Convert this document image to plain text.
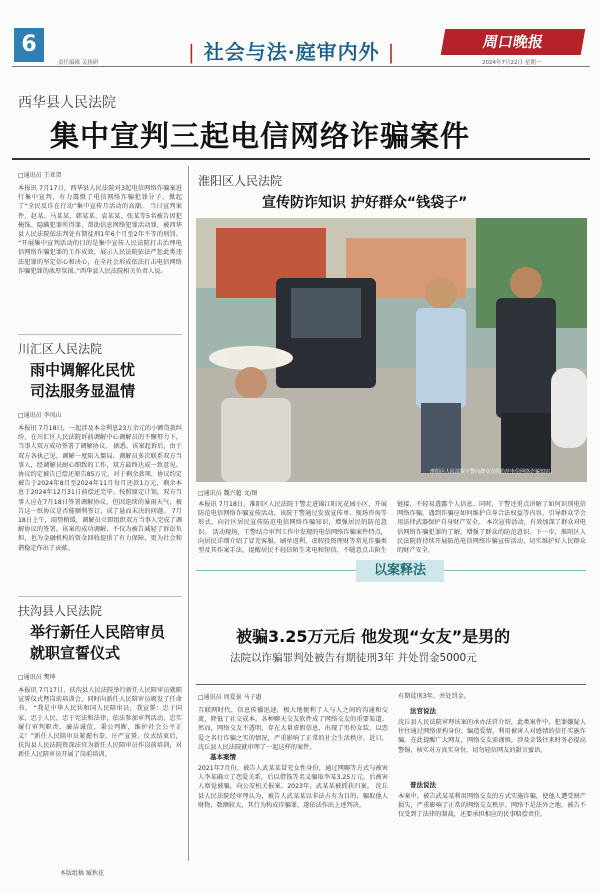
6
责任编辑 关执研	| 社会与法·庭审内外 |	周口晚报
2024年7月22日 星期一
西华县人民法院
集中宣判三起电信网络诈骗案件
□通讯员 王亚贺
本报讯 7月17日，西华县人民法院对3起电信网络诈骗案进行集中宣判，有力震慑了电信网络诈骗犯罪分子，掀起了“全民反诈在行动”集中宣传月活动的高潮。 当日宣判案件，赵某、马某某、韩某某、袁某某、张某等5名被告因犯掩饰、隐瞒犯罪所得罪、帮助信息网络犯罪活动罪，被西华县人民法院依法判处有期徒刑1年6个月至2年不等的刑罚。 “开展集中宣判活动的目的是集中宣传人民法院打击治理电信网络诈骗犯罪的工作成效，展示人民法院依法严惩此类违法犯罪的坚定信心和决心，在全社会形成依法打击电信网络诈骗犯罪的浓厚氛围。”西华县人民法院相关负责人说。
川汇区人民法院
雨中调解化民忧
司法服务显温情
□通讯员 李凤山
本报讯 7月18日，一起涉及本金利息23万余元的小额贷款纠纷，在川汇区人民法院诉前调解中心调解员的不懈努力下，当事人双方成功签署了调解协议。 据悉，该案起诉后，由于双方各执己见，调解一度陷入僵局。调解员多次联系双方当事人，经调解员耐心细致的工作，双方最终达成一致意见。协议约定被告已偿还原告85万元，对于剩余款项，协议约定被告于2024年8月至2024年11月每月还款1万元，剩余本息于2024年12月31日前偿还完毕。按照原定计划，双方当事人应在7月18日签署调解协议，但因连续的暴雨天气，被告这一纸协议是否能顺利签订，成了悬而未决的问题。 7月18日上午，雨势稍缓，调解员立即组织双方当事人完成了调解协议的签署。该案的成功调解，不仅为被告减轻了诉讼负担，也为金融机构的资金回收提供了有力保障，更为社会和谐稳定作出了贡献。
扶沟县人民法院
举行新任人民陪审员
就职宣誓仪式
□通讯员 樊坤
本报讯 7月17日，扶沟县人民法院举行新任人民陪审员就职宣誓仪式暨岗前培训会，同时向新任人民陪审员颁发了任命书。 “我是中华人民共和国人民陪审员，我宣誓：忠于国家，忠于人民，忠于宪法和法律，依法参加审判活动，忠实履行审判职责，廉洁诚信，秉公判断，维护社会公平正义！”新任人民陪审员紧握右拳，庄严宣誓。仪式结束后，扶沟县人民法院资深法官为新任人民陪审员作岗前培训，对新任人民陪审员开展了岗前培训。
淮阳区人民法院
宣传防诈知识 护好群众“钱袋子”
淮阳区人民法院干警向群众宣传防范电信网络诈骗知识。
□通讯员 魏兴超 文/图
本报讯 7月18日，淮阳区人民法院干警走进锦江阳光花园小区，开展防范电信网络诈骗宣传活动，该院干警通过发放宣传单、现场咨询等形式，向社区居民宣传防范电信网络诈骗知识，增强居民的防范意识。 活动现场，干警结合审判工作中发现的电信网络诈骗案件特点，向居民详细介绍了冒充客服、刷单返利、虚假投资理财等常见诈骗类型及其作案手法，提醒居民不轻信陌生来电和短信，不随意点击陌生链接，不轻易透露个人信息。同时，干警还重点讲解了如何识别电信网络诈骗、遇到诈骗应如何维护自身合法权益等内容，引导群众学会用法律武器保护自身财产安全。 本次宣传活动，有效加深了群众对电信网络诈骗犯罪的了解，增强了群众的防范意识。下一步，淮阳区人民法院将持续开展防范电信网络诈骗宣传活动，切实维护好人民群众的财产安全。
以案释法
被骗3.25万元后 他发现“女友”是男的
法院以诈骗罪判处被告有期徒刑3年 并处罚金5000元
□通讯员 周爱景 马子惠
互联网时代，信息传播迅速，极大地便利了人与人之间的沟通和交流，降低了社交成本。各种聊天交友软件成了网络交友的重要渠道。然而，网络交友不透明，存在大量虚假信息，出现了男扮女装、以恋爱之名行诈骗之实的情况，严重影响了正常的社会生活秩序。近日，沈丘县人民法院就审理了一起这样的案件。
基本案情
2021年7月份，被告人武某某冒充女性身份，通过网聊等方式与被害人李某确立了恋爱关系，后以借钱等名义骗取李某3.25万元。后被害人察觉被骗，向公安机关报案。2023年，武某某被抓获归案。 沈丘县人民法院经审理认为，被告人武某某以非法占有为目的，骗取他人财物，数额较大，其行为构成诈骗罪，遂依法作出上述判决。
有期徒刑3年，并处罚金。
法官说法
沈丘县人民法院审理该案的承办法官介绍，此类案件中，犯罪嫌疑人往往通过网络虚构身份、编造爱情，利用被害人对感情的信任实施诈骗。在此提醒广大网友，网络交友需谨慎，涉及金钱往来时务必提高警惕，核实对方真实身份，切勿轻信网友的甜言蜜语。
普法说法
本案中，被告武某某利用网络交友的方式实施诈骗，使他人遭受财产损失，严重影响了正常的网络交友秩序。网络不是法外之地，被告不仅受到了法律的制裁，还要承担相应的民事赔偿责任。
本版组稿 臧秋花
